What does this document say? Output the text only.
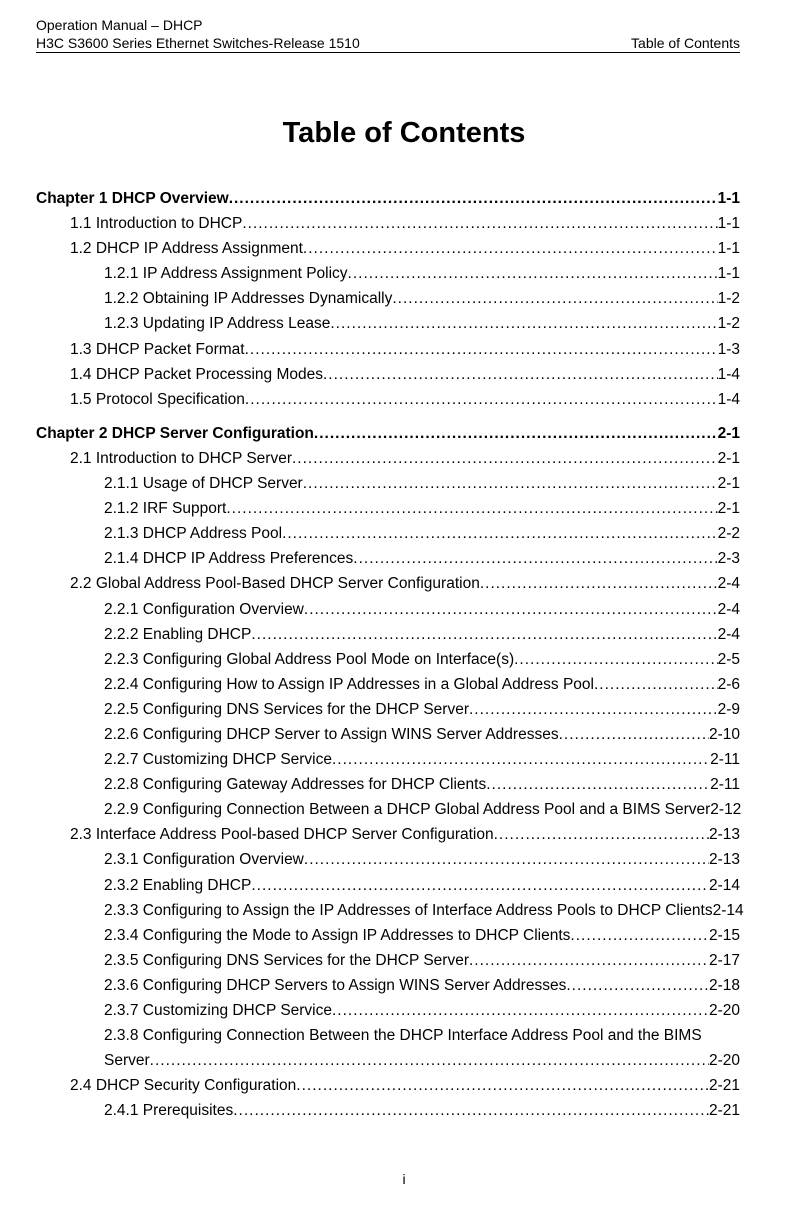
Operation Manual – DHCP
H3C S3600 Series Ethernet Switches-Release 1510	Table of Contents
Table of Contents
Chapter 1 DHCP Overview .....	1-1
1.1 Introduction to DHCP .....	1-1
1.2 DHCP IP Address Assignment .....	1-1
1.2.1 IP Address Assignment Policy .....	1-1
1.2.2 Obtaining IP Addresses Dynamically .....	1-2
1.2.3 Updating IP Address Lease .....	1-2
1.3 DHCP Packet Format .....	1-3
1.4 DHCP Packet Processing Modes .....	1-4
1.5 Protocol Specification .....	1-4
Chapter 2 DHCP Server Configuration .....	2-1
2.1 Introduction to DHCP Server .....	2-1
2.1.1 Usage of DHCP Server .....	2-1
2.1.2 IRF Support .....	2-1
2.1.3 DHCP Address Pool .....	2-2
2.1.4 DHCP IP Address Preferences .....	2-3
2.2 Global Address Pool-Based DHCP Server Configuration .....	2-4
2.2.1 Configuration Overview .....	2-4
2.2.2 Enabling DHCP .....	2-4
2.2.3 Configuring Global Address Pool Mode on Interface(s) .....	2-5
2.2.4 Configuring How to Assign IP Addresses in a Global Address Pool .....	2-6
2.2.5 Configuring DNS Services for the DHCP Server .....	2-9
2.2.6 Configuring DHCP Server to Assign WINS Server Addresses .....	2-10
2.2.7 Customizing DHCP Service .....	2-11
2.2.8 Configuring Gateway Addresses for DHCP Clients .....	2-11
2.2.9 Configuring Connection Between a DHCP Global Address Pool and a BIMS Server 2-12
2.3 Interface Address Pool-based DHCP Server Configuration .....	2-13
2.3.1 Configuration Overview .....	2-13
2.3.2 Enabling DHCP .....	2-14
2.3.3 Configuring to Assign the IP Addresses of Interface Address Pools to DHCP Clients 2-14
2.3.4 Configuring the Mode to Assign IP Addresses to DHCP Clients .....	2-15
2.3.5 Configuring DNS Services for the DHCP Server .....	2-17
2.3.6 Configuring DHCP Servers to Assign WINS Server Addresses .....	2-18
2.3.7 Customizing DHCP Service .....	2-20
2.3.8 Configuring Connection Between the DHCP Interface Address Pool and the BIMS
Server .....	2-20
2.4 DHCP Security Configuration .....	2-21
2.4.1 Prerequisites .....	2-21
i
